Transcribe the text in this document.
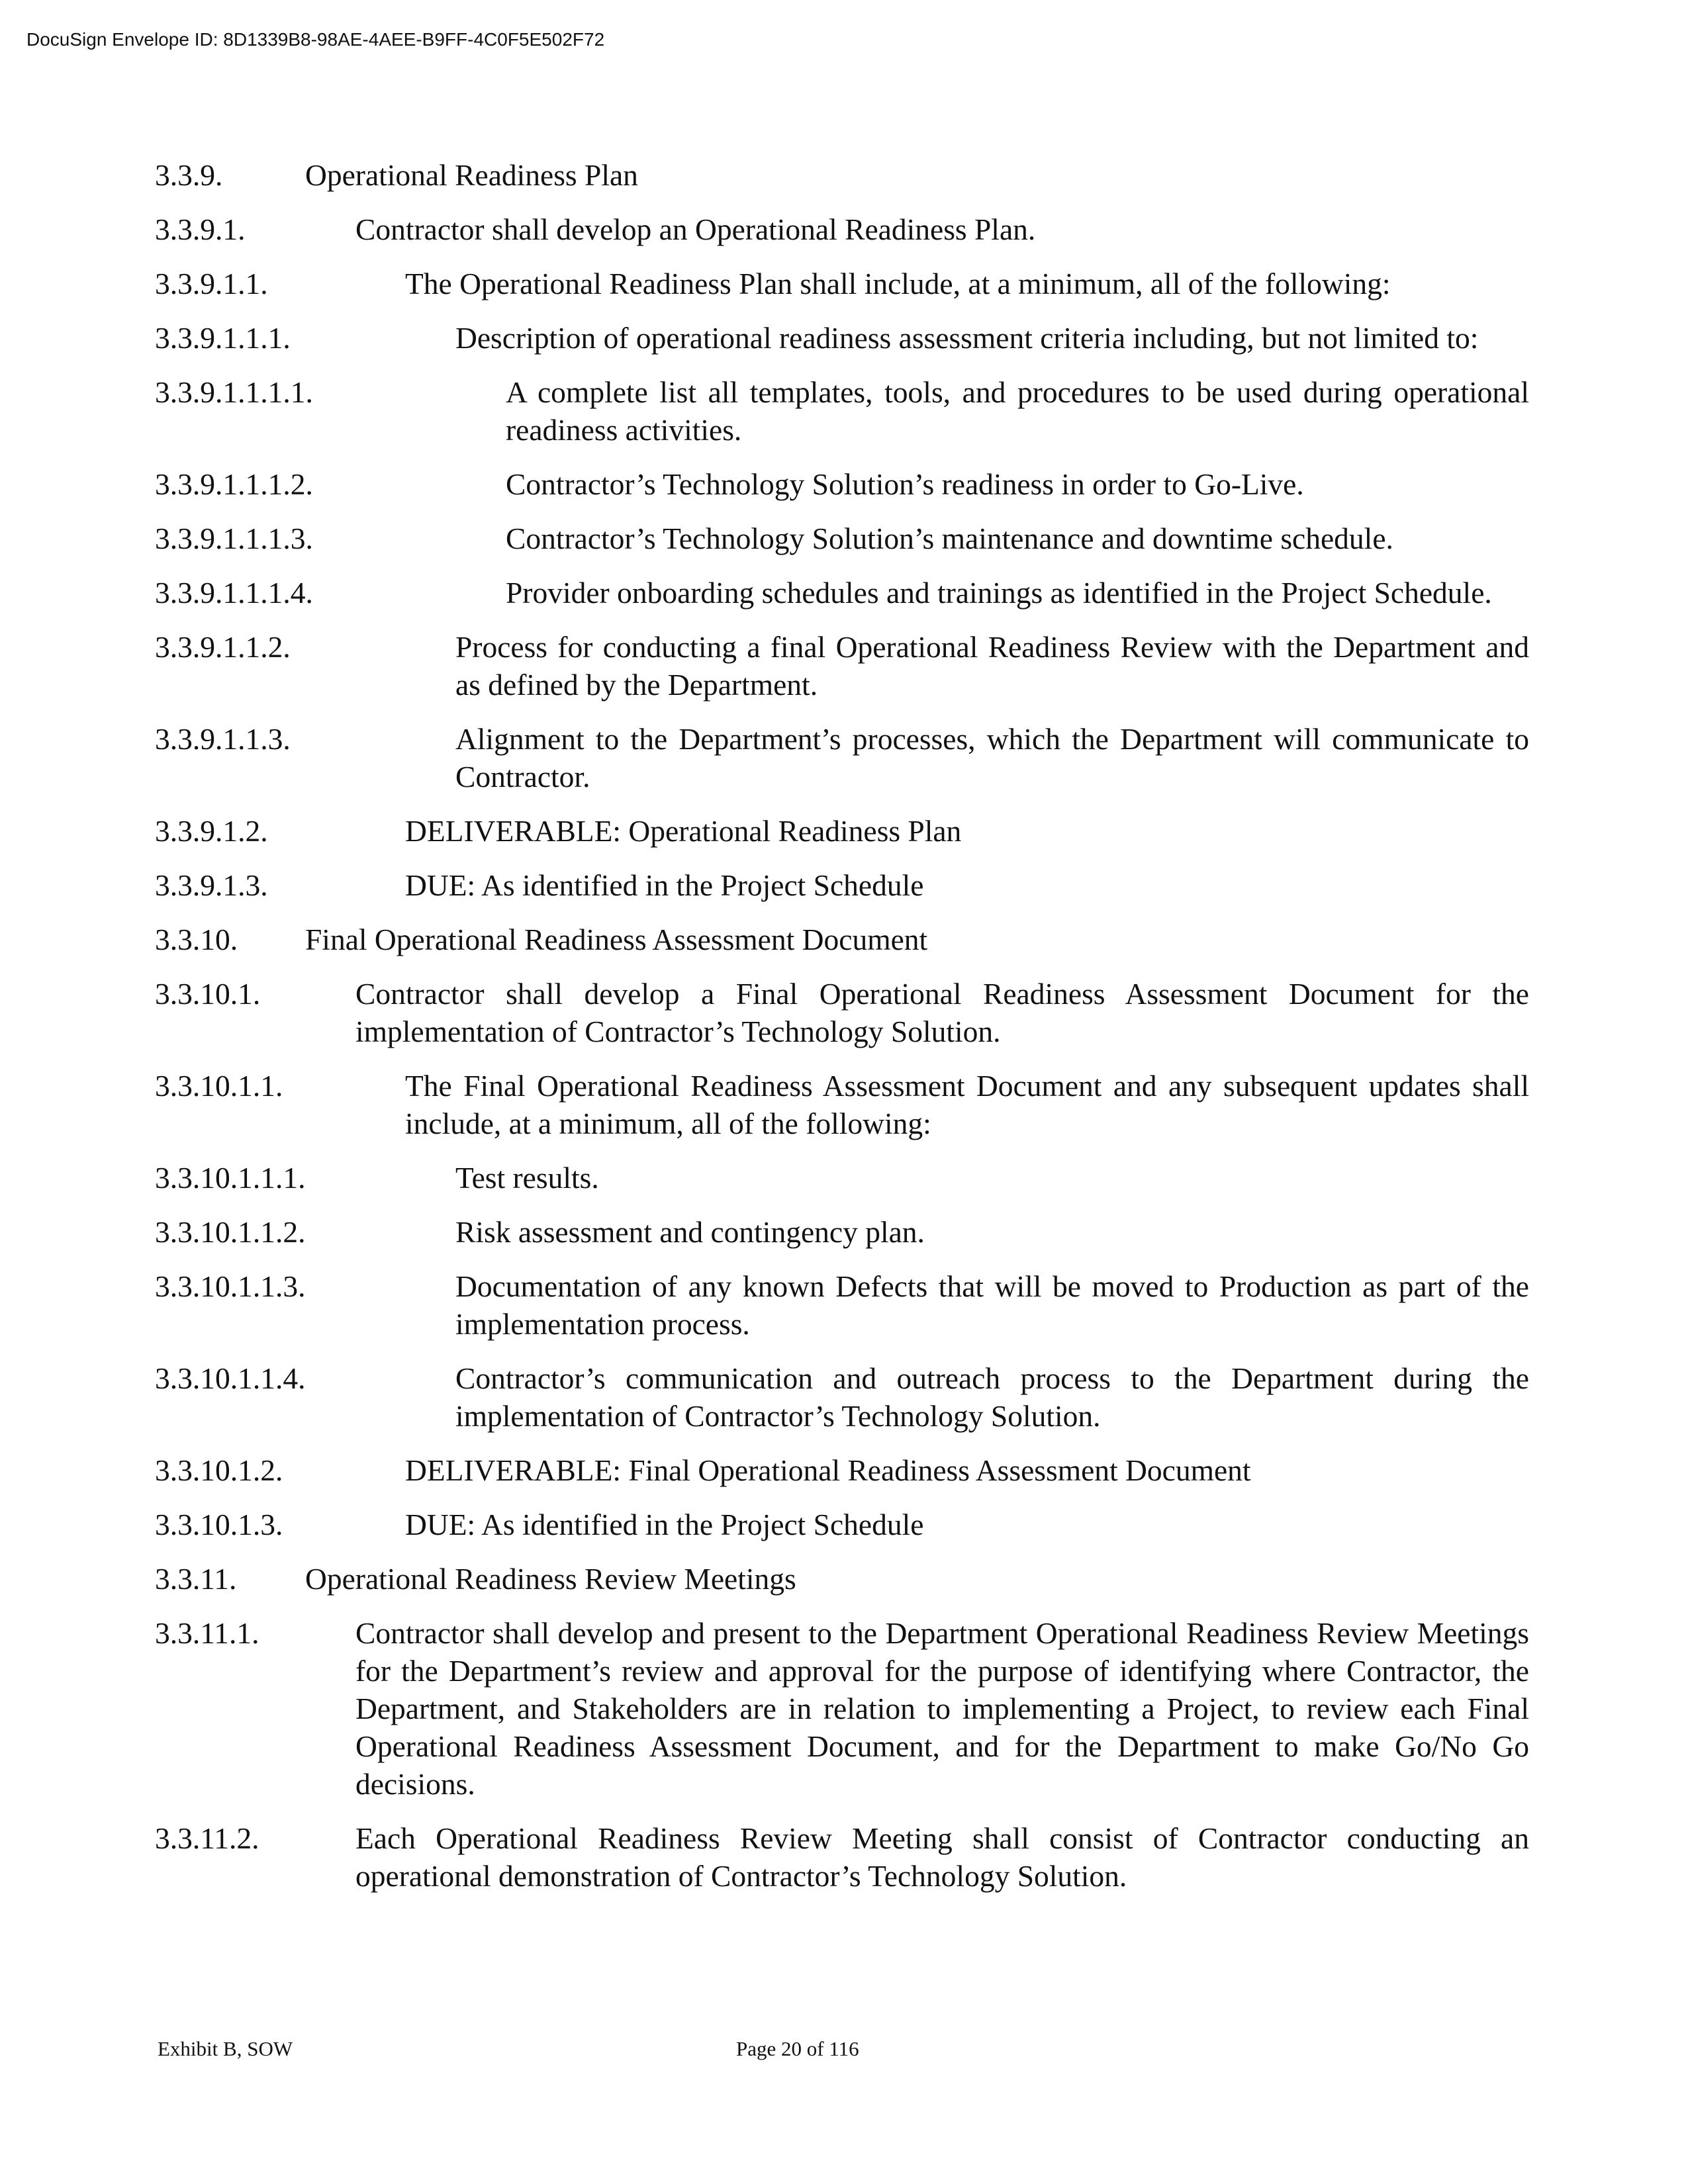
DocuSign Envelope ID: 8D1339B8-98AE-4AEE-B9FF-4C0F5E502F72
3.3.9.	Operational Readiness Plan
3.3.9.1.	Contractor shall develop an Operational Readiness Plan.
3.3.9.1.1.	The Operational Readiness Plan shall include, at a minimum, all of the following:
3.3.9.1.1.1.	Description of operational readiness assessment criteria including, but not limited to:
3.3.9.1.1.1.1.	A complete list all templates, tools, and procedures to be used during operational readiness activities.
3.3.9.1.1.1.2.	Contractor’s Technology Solution’s readiness in order to Go-Live.
3.3.9.1.1.1.3.	Contractor’s Technology Solution’s maintenance and downtime schedule.
3.3.9.1.1.1.4.	Provider onboarding schedules and trainings as identified in the Project Schedule.
3.3.9.1.1.2.	Process for conducting a final Operational Readiness Review with the Department and as defined by the Department.
3.3.9.1.1.3.	Alignment to the Department’s processes, which the Department will communicate to Contractor.
3.3.9.1.2.	DELIVERABLE: Operational Readiness Plan
3.3.9.1.3.	DUE: As identified in the Project Schedule
3.3.10. Final Operational Readiness Assessment Document
3.3.10.1.	Contractor shall develop a Final Operational Readiness Assessment Document for the implementation of Contractor’s Technology Solution.
3.3.10.1.1.	The Final Operational Readiness Assessment Document and any subsequent updates shall include, at a minimum, all of the following:
3.3.10.1.1.1.	Test results.
3.3.10.1.1.2.	Risk assessment and contingency plan.
3.3.10.1.1.3.	Documentation of any known Defects that will be moved to Production as part of the implementation process.
3.3.10.1.1.4.	Contractor’s communication and outreach process to the Department during the implementation of Contractor’s Technology Solution.
3.3.10.1.2.	DELIVERABLE: Final Operational Readiness Assessment Document
3.3.10.1.3.	DUE: As identified in the Project Schedule
3.3.11. Operational Readiness Review Meetings
3.3.11.1.	Contractor shall develop and present to the Department Operational Readiness Review Meetings for the Department’s review and approval for the purpose of identifying where Contractor, the Department, and Stakeholders are in relation to implementing a Project, to review each Final Operational Readiness Assessment Document, and for the Department to make Go/No Go decisions.
3.3.11.2.	Each Operational Readiness Review Meeting shall consist of Contractor conducting an operational demonstration of Contractor’s Technology Solution.
Exhibit B, SOW	Page 20 of 116
